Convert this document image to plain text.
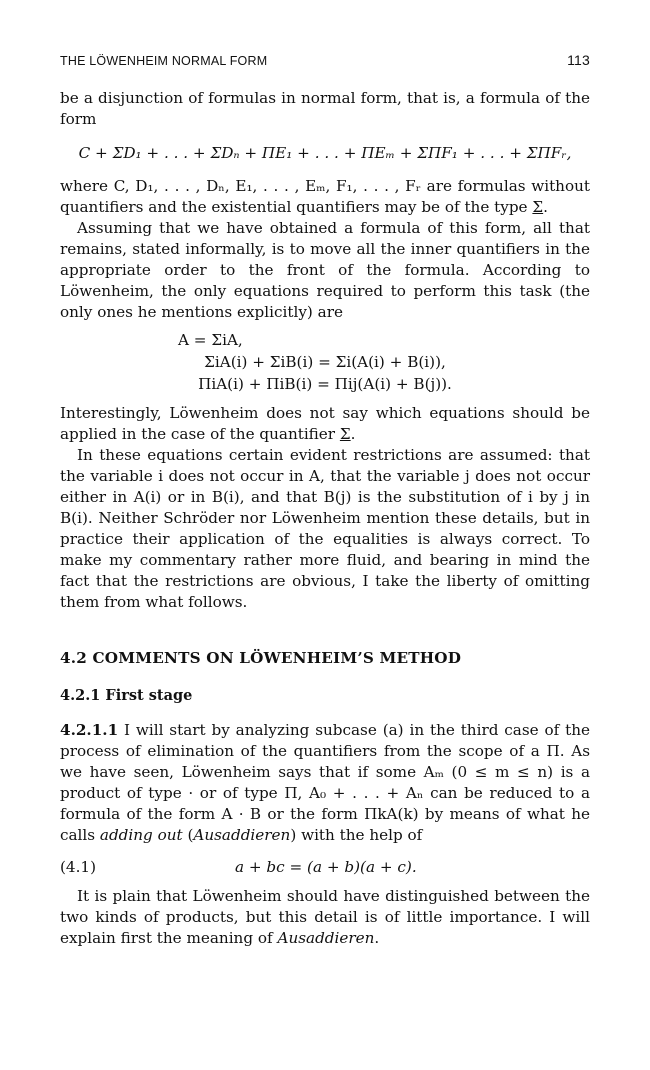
THE LÖWENHEIM NORMAL FORM	113

be a disjunction of formulas in normal form, that is, a formula of the form

C + ΣD₁ + . . . + ΣDₙ + ΠE₁ + . . . + ΠEₘ + ΣΠF₁ + . . . + ΣΠFᵣ,

where C, D₁, . . . , Dₙ, E₁, . . . , Eₘ, F₁, . . . , Fᵣ are formulas without quantifiers and the existential quantifiers may be of the type Σ.

Assuming that we have obtained a formula of this form, all that remains, stated informally, is to move all the inner quantifiers in the appropriate order to the front of the formula. According to Löwenheim, the only equations required to perform this task (the only ones he mentions explicitly) are

A = ΣiA,
ΣiA(i) + ΣiB(i) = Σi(A(i) + B(i)),
ΠiA(i) + ΠiB(i) = Πij(A(i) + B(j)).

Interestingly, Löwenheim does not say which equations should be applied in the case of the quantifier Σ.

In these equations certain evident restrictions are assumed: that the variable i does not occur in A, that the variable j does not occur either in A(i) or in B(i), and that B(j) is the substitution of i by j in B(i). Neither Schröder nor Löwenheim mention these details, but in practice their application of the equalities is always correct. To make my commentary rather more fluid, and bearing in mind the fact that the restrictions are obvious, I take the liberty of omitting them from what follows.

4.2 COMMENTS ON LÖWENHEIM’S METHOD
4.2.1 First stage

4.2.1.1 I will start by analyzing subcase (a) in the third case of the process of elimination of the quantifiers from the scope of a Π. As we have seen, Löwenheim says that if some Aₘ (0 ≤ m ≤ n) is a product of type · or of type Π, A₀ + . . . + Aₙ can be reduced to a formula of the form A · B or the form ΠkA(k) by means of what he calls adding out (Ausaddieren) with the help of

(4.1)	a + bc = (a + b)(a + c).

It is plain that Löwenheim should have distinguished between the two kinds of products, but this detail is of little importance. I will explain first the meaning of Ausaddieren.
